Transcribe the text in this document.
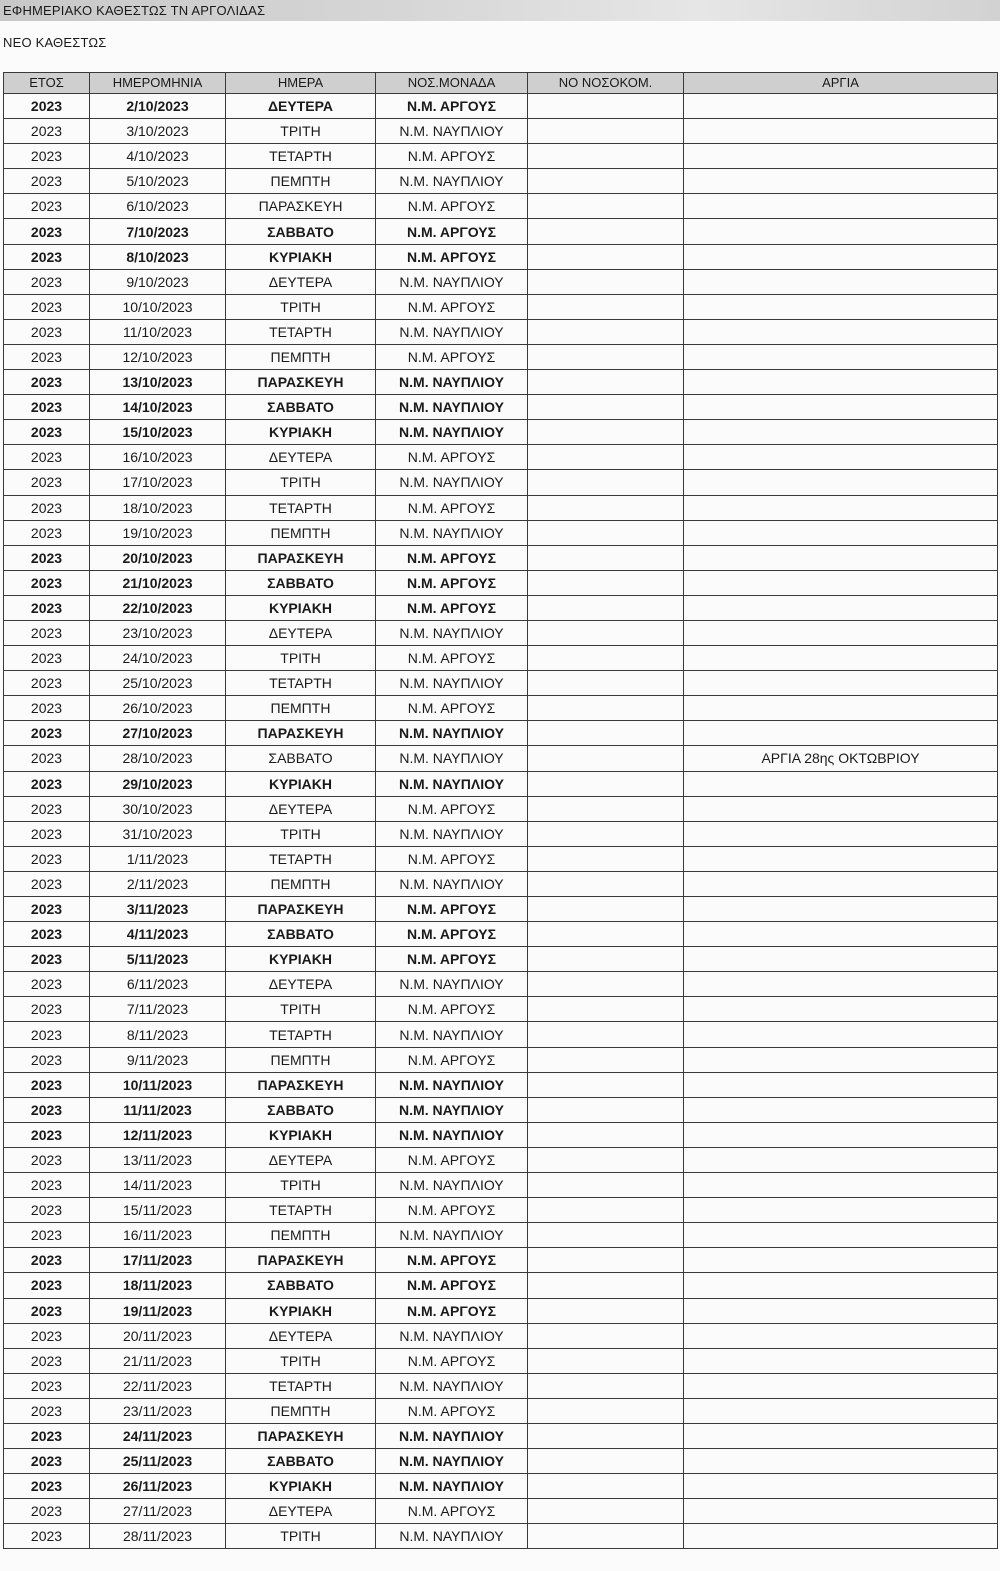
ΕΦΗΜΕΡΙΑΚΟ ΚΑΘΕΣΤΩΣ ΤΝ ΑΡΓΟΛΙΔΑΣ
ΝΕΟ ΚΑΘΕΣΤΩΣ
ΕΤΟΣ	ΗΜΕΡΟΜΗΝΙΑ	ΗΜΕΡΑ	ΝΟΣ.ΜΟΝΑΔΑ	ΝΟ ΝΟΣΟΚΟΜ.	ΑΡΓΙΑ
2023	2/10/2023	ΔΕΥΤΕΡΑ	Ν.Μ. ΑΡΓΟΥΣ		
2023	3/10/2023	ΤΡΙΤΗ	Ν.Μ. ΝΑΥΠΛΙΟΥ		
2023	4/10/2023	ΤΕΤΑΡΤΗ	Ν.Μ. ΑΡΓΟΥΣ		
2023	5/10/2023	ΠΕΜΠΤΗ	Ν.Μ. ΝΑΥΠΛΙΟΥ		
2023	6/10/2023	ΠΑΡΑΣΚΕΥΗ	Ν.Μ. ΑΡΓΟΥΣ		
2023	7/10/2023	ΣΑΒΒΑΤΟ	Ν.Μ. ΑΡΓΟΥΣ		
2023	8/10/2023	ΚΥΡΙΑΚΗ	Ν.Μ. ΑΡΓΟΥΣ		
2023	9/10/2023	ΔΕΥΤΕΡΑ	Ν.Μ. ΝΑΥΠΛΙΟΥ		
2023	10/10/2023	ΤΡΙΤΗ	Ν.Μ. ΑΡΓΟΥΣ		
2023	11/10/2023	ΤΕΤΑΡΤΗ	Ν.Μ. ΝΑΥΠΛΙΟΥ		
2023	12/10/2023	ΠΕΜΠΤΗ	Ν.Μ. ΑΡΓΟΥΣ		
2023	13/10/2023	ΠΑΡΑΣΚΕΥΗ	Ν.Μ. ΝΑΥΠΛΙΟΥ		
2023	14/10/2023	ΣΑΒΒΑΤΟ	Ν.Μ. ΝΑΥΠΛΙΟΥ		
2023	15/10/2023	ΚΥΡΙΑΚΗ	Ν.Μ. ΝΑΥΠΛΙΟΥ		
2023	16/10/2023	ΔΕΥΤΕΡΑ	Ν.Μ. ΑΡΓΟΥΣ		
2023	17/10/2023	ΤΡΙΤΗ	Ν.Μ. ΝΑΥΠΛΙΟΥ		
2023	18/10/2023	ΤΕΤΑΡΤΗ	Ν.Μ. ΑΡΓΟΥΣ		
2023	19/10/2023	ΠΕΜΠΤΗ	Ν.Μ. ΝΑΥΠΛΙΟΥ		
2023	20/10/2023	ΠΑΡΑΣΚΕΥΗ	Ν.Μ. ΑΡΓΟΥΣ		
2023	21/10/2023	ΣΑΒΒΑΤΟ	Ν.Μ. ΑΡΓΟΥΣ		
2023	22/10/2023	ΚΥΡΙΑΚΗ	Ν.Μ. ΑΡΓΟΥΣ		
2023	23/10/2023	ΔΕΥΤΕΡΑ	Ν.Μ. ΝΑΥΠΛΙΟΥ		
2023	24/10/2023	ΤΡΙΤΗ	Ν.Μ. ΑΡΓΟΥΣ		
2023	25/10/2023	ΤΕΤΑΡΤΗ	Ν.Μ. ΝΑΥΠΛΙΟΥ		
2023	26/10/2023	ΠΕΜΠΤΗ	Ν.Μ. ΑΡΓΟΥΣ		
2023	27/10/2023	ΠΑΡΑΣΚΕΥΗ	Ν.Μ. ΝΑΥΠΛΙΟΥ		
2023	28/10/2023	ΣΑΒΒΑΤΟ	Ν.Μ. ΝΑΥΠΛΙΟΥ		ΑΡΓΙΑ 28ης ΟΚΤΩΒΡΙΟΥ
2023	29/10/2023	ΚΥΡΙΑΚΗ	Ν.Μ. ΝΑΥΠΛΙΟΥ		
2023	30/10/2023	ΔΕΥΤΕΡΑ	Ν.Μ. ΑΡΓΟΥΣ		
2023	31/10/2023	ΤΡΙΤΗ	Ν.Μ. ΝΑΥΠΛΙΟΥ		
2023	1/11/2023	ΤΕΤΑΡΤΗ	Ν.Μ. ΑΡΓΟΥΣ		
2023	2/11/2023	ΠΕΜΠΤΗ	Ν.Μ. ΝΑΥΠΛΙΟΥ		
2023	3/11/2023	ΠΑΡΑΣΚΕΥΗ	Ν.Μ. ΑΡΓΟΥΣ		
2023	4/11/2023	ΣΑΒΒΑΤΟ	Ν.Μ. ΑΡΓΟΥΣ		
2023	5/11/2023	ΚΥΡΙΑΚΗ	Ν.Μ. ΑΡΓΟΥΣ		
2023	6/11/2023	ΔΕΥΤΕΡΑ	Ν.Μ. ΝΑΥΠΛΙΟΥ		
2023	7/11/2023	ΤΡΙΤΗ	Ν.Μ. ΑΡΓΟΥΣ		
2023	8/11/2023	ΤΕΤΑΡΤΗ	Ν.Μ. ΝΑΥΠΛΙΟΥ		
2023	9/11/2023	ΠΕΜΠΤΗ	Ν.Μ. ΑΡΓΟΥΣ		
2023	10/11/2023	ΠΑΡΑΣΚΕΥΗ	Ν.Μ. ΝΑΥΠΛΙΟΥ		
2023	11/11/2023	ΣΑΒΒΑΤΟ	Ν.Μ. ΝΑΥΠΛΙΟΥ		
2023	12/11/2023	ΚΥΡΙΑΚΗ	Ν.Μ. ΝΑΥΠΛΙΟΥ		
2023	13/11/2023	ΔΕΥΤΕΡΑ	Ν.Μ. ΑΡΓΟΥΣ		
2023	14/11/2023	ΤΡΙΤΗ	Ν.Μ. ΝΑΥΠΛΙΟΥ		
2023	15/11/2023	ΤΕΤΑΡΤΗ	Ν.Μ. ΑΡΓΟΥΣ		
2023	16/11/2023	ΠΕΜΠΤΗ	Ν.Μ. ΝΑΥΠΛΙΟΥ		
2023	17/11/2023	ΠΑΡΑΣΚΕΥΗ	Ν.Μ. ΑΡΓΟΥΣ		
2023	18/11/2023	ΣΑΒΒΑΤΟ	Ν.Μ. ΑΡΓΟΥΣ		
2023	19/11/2023	ΚΥΡΙΑΚΗ	Ν.Μ. ΑΡΓΟΥΣ		
2023	20/11/2023	ΔΕΥΤΕΡΑ	Ν.Μ. ΝΑΥΠΛΙΟΥ		
2023	21/11/2023	ΤΡΙΤΗ	Ν.Μ. ΑΡΓΟΥΣ		
2023	22/11/2023	ΤΕΤΑΡΤΗ	Ν.Μ. ΝΑΥΠΛΙΟΥ		
2023	23/11/2023	ΠΕΜΠΤΗ	Ν.Μ. ΑΡΓΟΥΣ		
2023	24/11/2023	ΠΑΡΑΣΚΕΥΗ	Ν.Μ. ΝΑΥΠΛΙΟΥ		
2023	25/11/2023	ΣΑΒΒΑΤΟ	Ν.Μ. ΝΑΥΠΛΙΟΥ		
2023	26/11/2023	ΚΥΡΙΑΚΗ	Ν.Μ. ΝΑΥΠΛΙΟΥ		
2023	27/11/2023	ΔΕΥΤΕΡΑ	Ν.Μ. ΑΡΓΟΥΣ		
2023	28/11/2023	ΤΡΙΤΗ	Ν.Μ. ΝΑΥΠΛΙΟΥ		
